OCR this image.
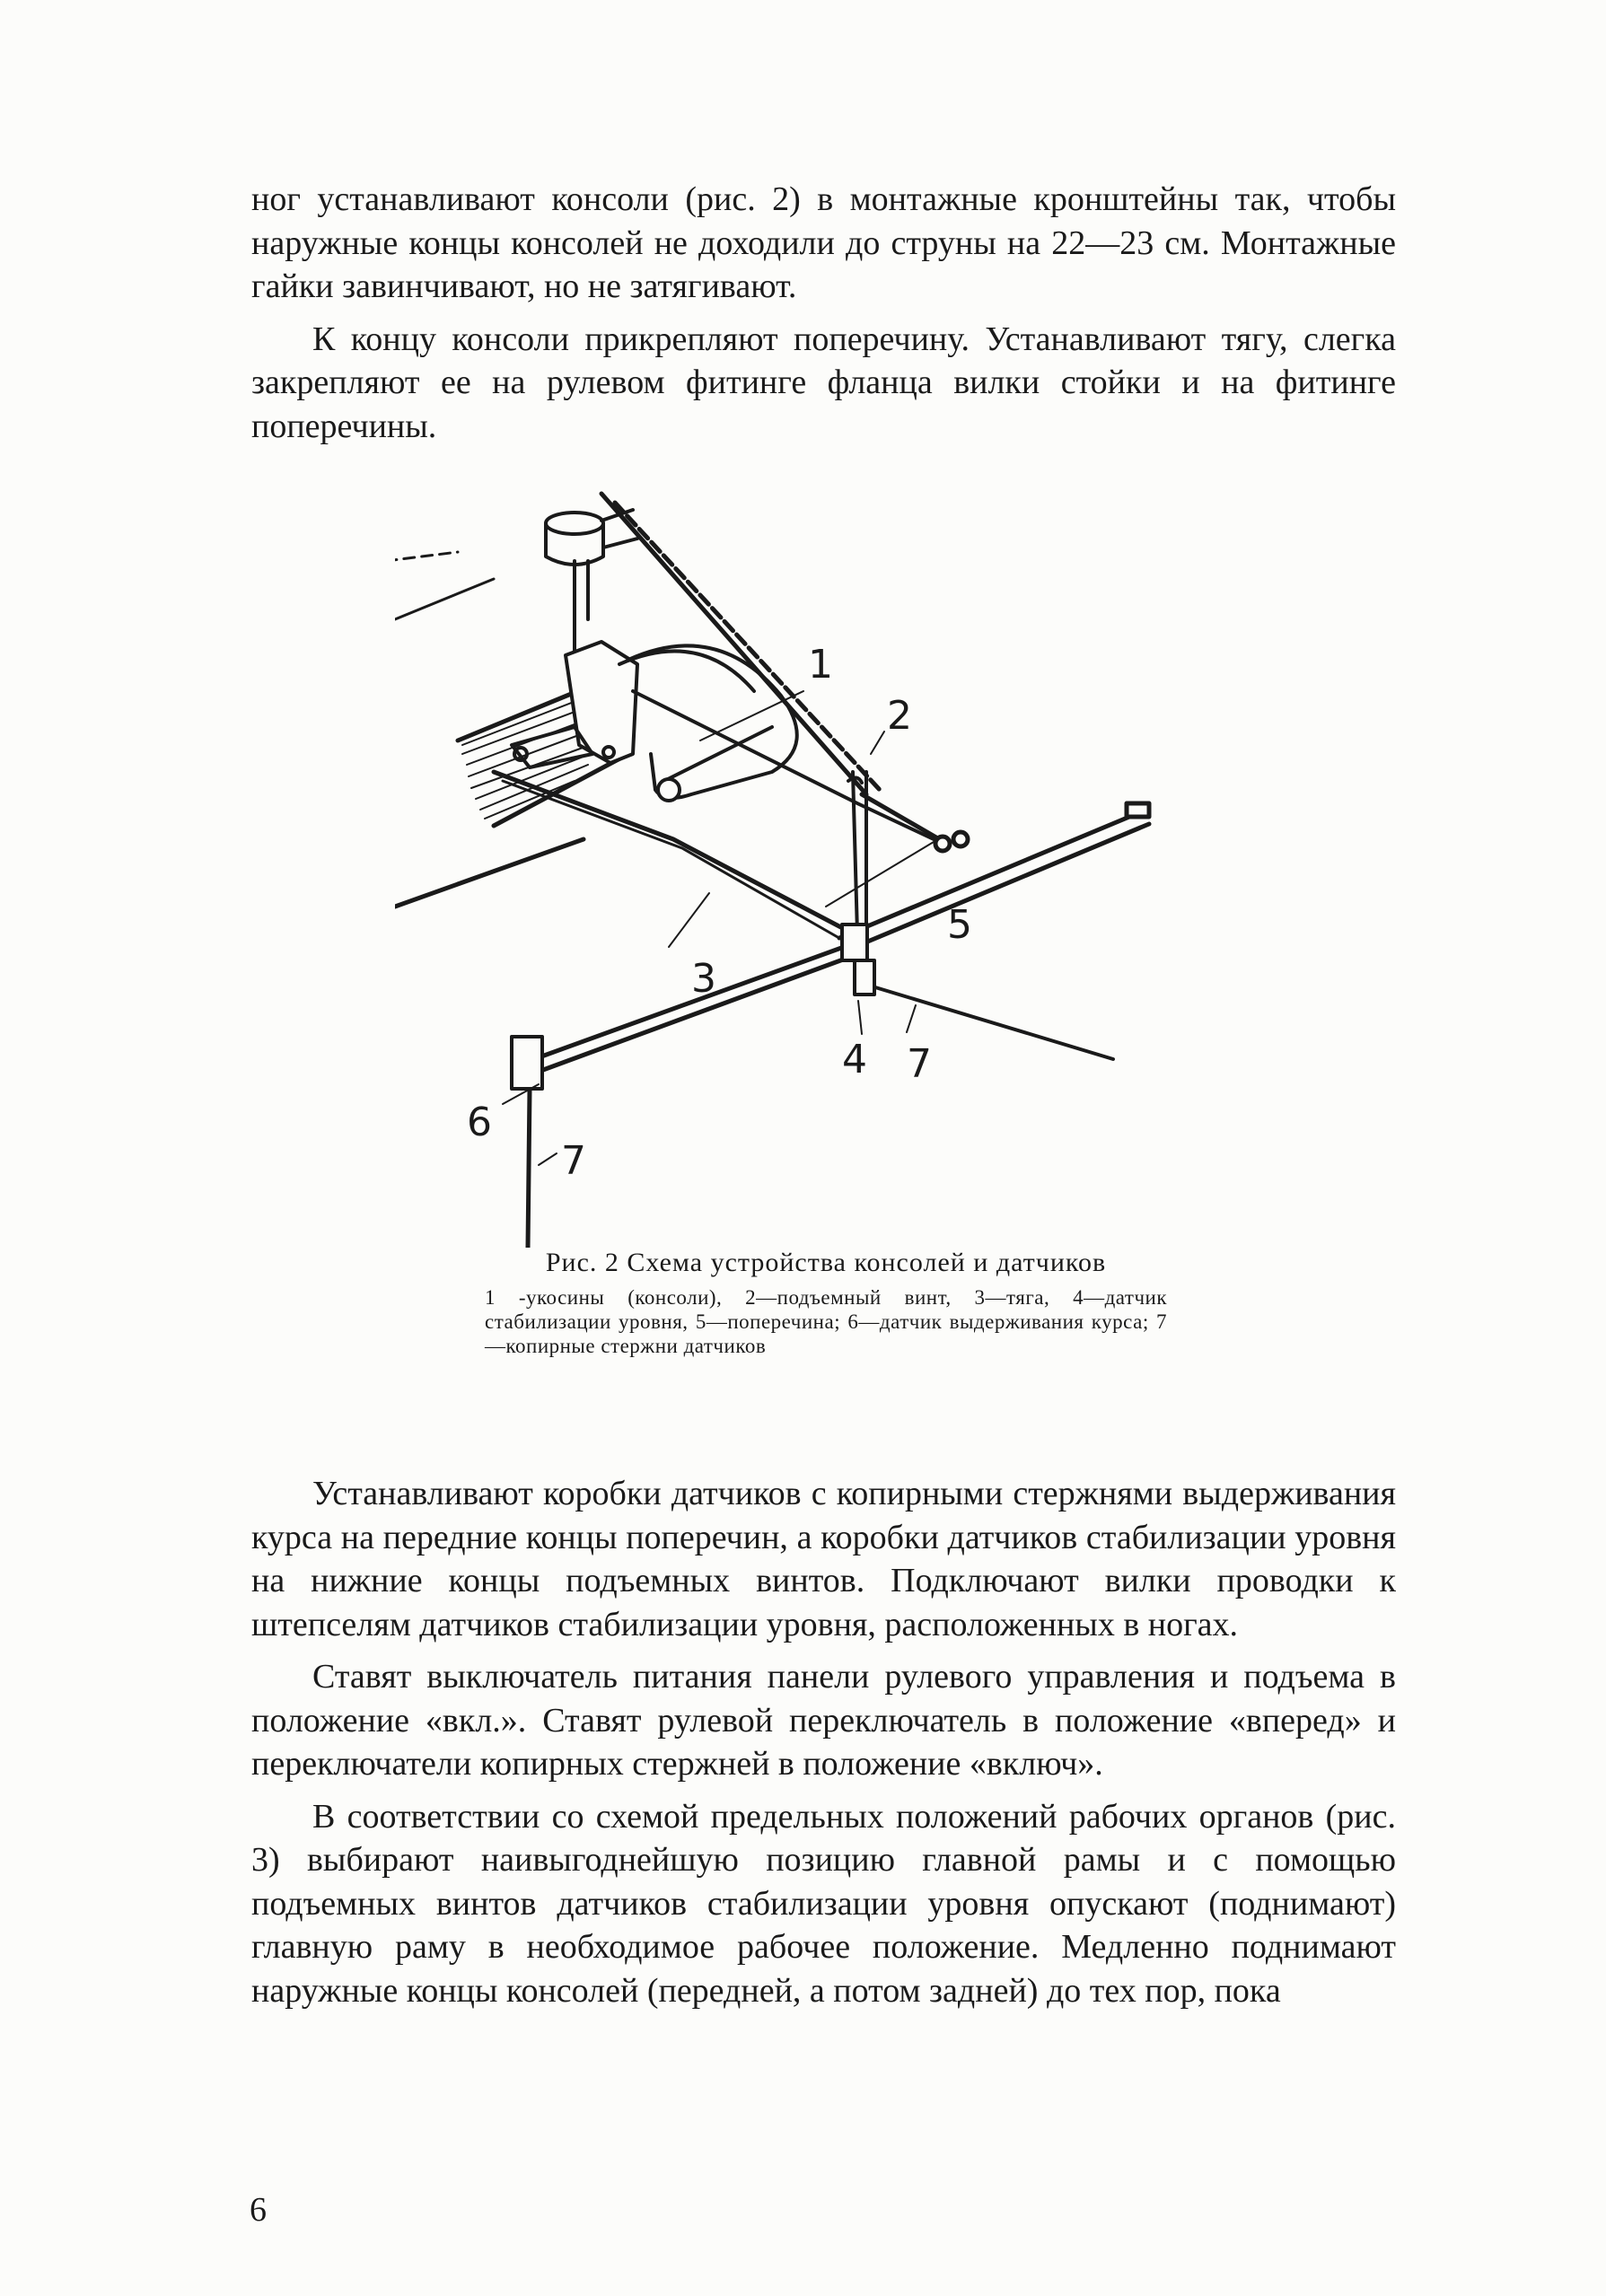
ног устанавливают консоли (рис. 2) в монтажные кронштейны так, чтобы наружные концы консолей не доходили до струны на 22—23 см. Монтажные гайки завинчивают, но не затягивают.

К концу консоли прикрепляют поперечину. Устанавливают тягу, слегка закрепляют ее на рулевом фитинге фланца вилки стойки и на фитинге поперечины.

1
2
3
4
5
6
7
7
Рис. 2 Схема устройства консолей и датчиков
1 -укосины (консоли), 2—подъемный винт, 3—тяга, 4—датчик стабилизации уровня, 5—поперечина; 6—датчик выдерживания курса; 7—копирные стержни датчиков

Устанавливают коробки датчиков с копирными стержнями выдерживания курса на передние концы поперечин, а коробки датчиков стабилизации уровня на нижние концы подъемных винтов. Подключают вилки проводки к штепселям датчиков стабилизации уровня, расположенных в ногах.

Ставят выключатель питания панели рулевого управления и подъема в положение «вкл.». Ставят рулевой переключатель в положение «вперед» и переключатели копирных стержней в положение «включ».

В соответствии со схемой предельных положений рабочих органов (рис. 3) выбирают наивыгоднейшую позицию главной рамы и с помощью подъемных винтов датчиков стабилизации уровня опускают (поднимают) главную раму в необходимое рабочее положение. Медленно поднимают наружные концы консолей (передней, а потом задней) до тех пор, пока

6
